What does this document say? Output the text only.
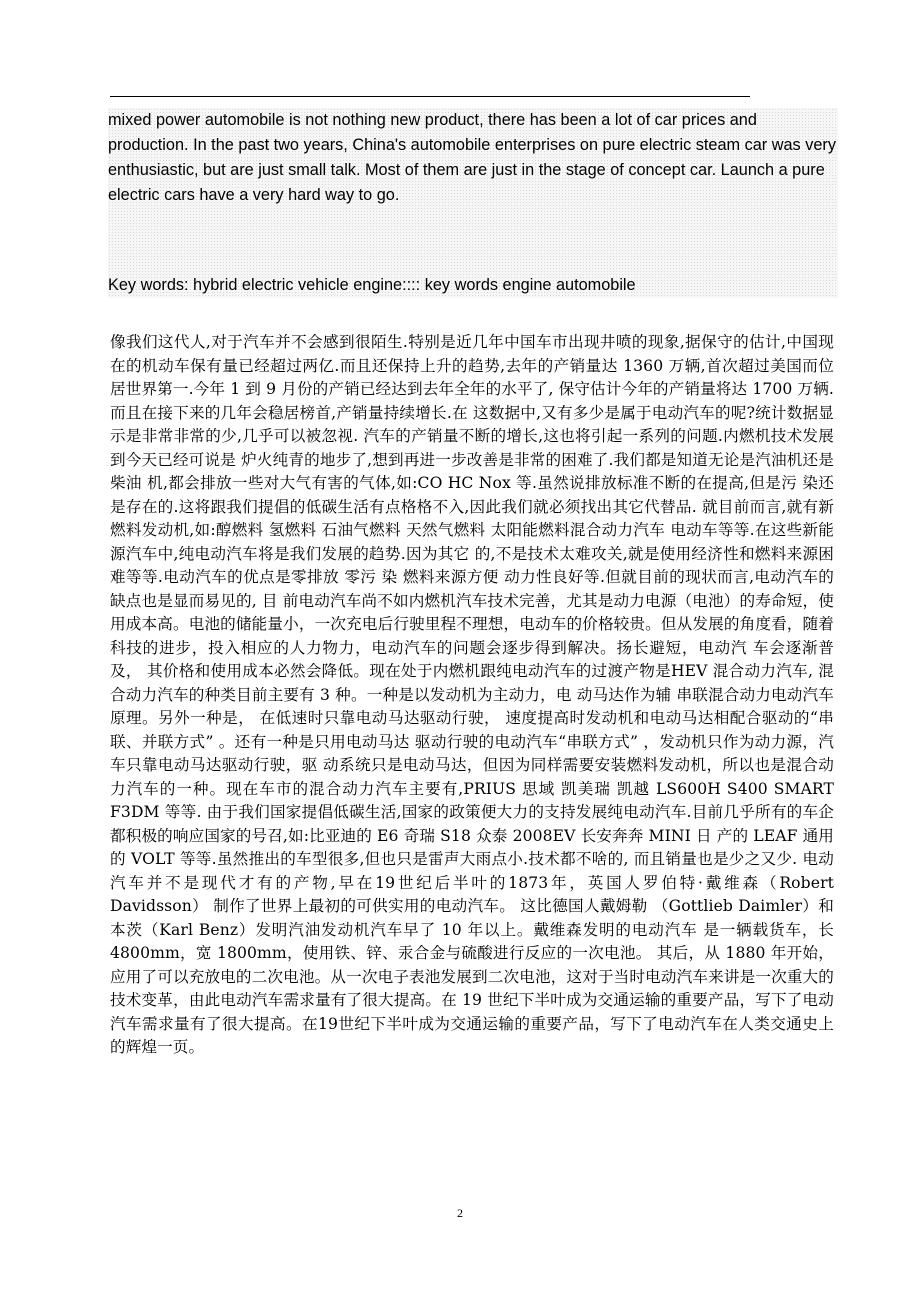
mixed power automobile is not nothing new product, there has been a lot of car prices and production. In the past two years, China's automobile enterprises on pure electric steam car was very enthusiastic, but are just small talk. Most of them are just in the stage of concept car. Launch a pure electric cars have a very hard way to go.

Key words: hybrid electric vehicle engine:::: key words engine automobile

像我们这代人,对于汽车并不会感到很陌生.特别是近几年中国车市出现井喷的现象,据保守的估计,中国现在的机动车保有量已经超过两亿.而且还保持上升的趋势,去年的产销量达 1360 万辆,首次超过美国而位居世界第一.今年 1 到 9 月份的产销已经达到去年全年的水平了, 保守估计今年的产销量将达 1700 万辆.而且在接下来的几年会稳居榜首,产销量持续增长.在 这数据中,又有多少是属于电动汽车的呢?统计数据显示是非常非常的少,几乎可以被忽视. 汽车的产销量不断的增长,这也将引起一系列的问题.内燃机技术发展到今天已经可说是 炉火纯青的地步了,想到再进一步改善是非常的困难了.我们都是知道无论是汽油机还是柴油 机,都会排放一些对大气有害的气体,如:CO HC Nox 等.虽然说排放标准不断的在提高,但是污 染还是存在的.这将跟我们提倡的低碳生活有点格格不入,因此我们就必须找出其它代替品. 就目前而言,就有新燃料发动机,如:醇燃料 氢燃料 石油气燃料 天然气燃料 太阳能燃料混合动力汽车 电动车等等.在这些新能源汽车中,纯电动汽车将是我们发展的趋势.因为其它 的,不是技术太难攻关,就是使用经济性和燃料来源困难等等.电动汽车的优点是零排放 零污 染 燃料来源方便 动力性良好等.但就目前的现状而言,电动汽车的缺点也是显而易见的, 目 前电动汽车尚不如内燃机汽车技术完善，尤其是动力电源（电池）的寿命短，使用成本高。电池的储能量小，一次充电后行驶里程不理想，电动车的价格较贵。但从发展的角度看，随着科技的进步，投入相应的人力物力，电动汽车的问题会逐步得到解决。扬长避短，电动汽 车会逐渐普及， 其价格和使用成本必然会降低。现在处于内燃机跟纯电动汽车的过渡产物是HEV 混合动力汽车, 混合动力汽车的种类目前主要有 3 种。一种是以发动机为主动力，电 动马达作为辅 串联混合动力电动汽车原理。另外一种是， 在低速时只靠电动马达驱动行驶， 速度提高时发动机和电动马达相配合驱动的“串联、并联方式” 。还有一种是只用电动马达 驱动行驶的电动汽车“串联方式” ，发动机只作为动力源，汽车只靠电动马达驱动行驶，驱 动系统只是电动马达，但因为同样需要安装燃料发动机，所以也是混合动力汽车的一种。现在车市的混合动力汽车主要有,PRIUS 思域 凯美瑞 凯越 LS600H S400 SMART F3DM 等等. 由于我们国家提倡低碳生活,国家的政策便大力的支持发展纯电动汽车.目前几乎所有的车企都积极的响应国家的号召,如:比亚迪的 E6 奇瑞 S18 众泰 2008EV 长安奔奔 MINI 日 产的 LEAF 通用的 VOLT 等等.虽然推出的车型很多,但也只是雷声大雨点小.技术都不啥的, 而且销量也是少之又少. 电动汽车并不是现代才有的产物,早在19世纪后半叶的1873年，英国人罗伯特·戴维森（Robert Davidsson） 制作了世界上最初的可供实用的电动汽车。 这比德国人戴姆勒 （Gottlieb Daimler）和本茨（Karl Benz）发明汽油发动机汽车早了 10 年以上。戴维森发明的电动汽车 是一辆载货车，长 4800mm，宽 1800mm，使用铁、锌、汞合金与硫酸进行反应的一次电池。 其后，从 1880 年开始，应用了可以充放电的二次电池。从一次电子表池发展到二次电池，这对于当时电动汽车来讲是一次重大的技术变革，由此电动汽车需求量有了很大提高。在 19 世纪下半叶成为交通运输的重要产品，写下了电动汽车需求量有了很大提高。在19世纪下半叶成为交通运输的重要产品，写下了电动汽车在人类交通史上的辉煌一页。

2
